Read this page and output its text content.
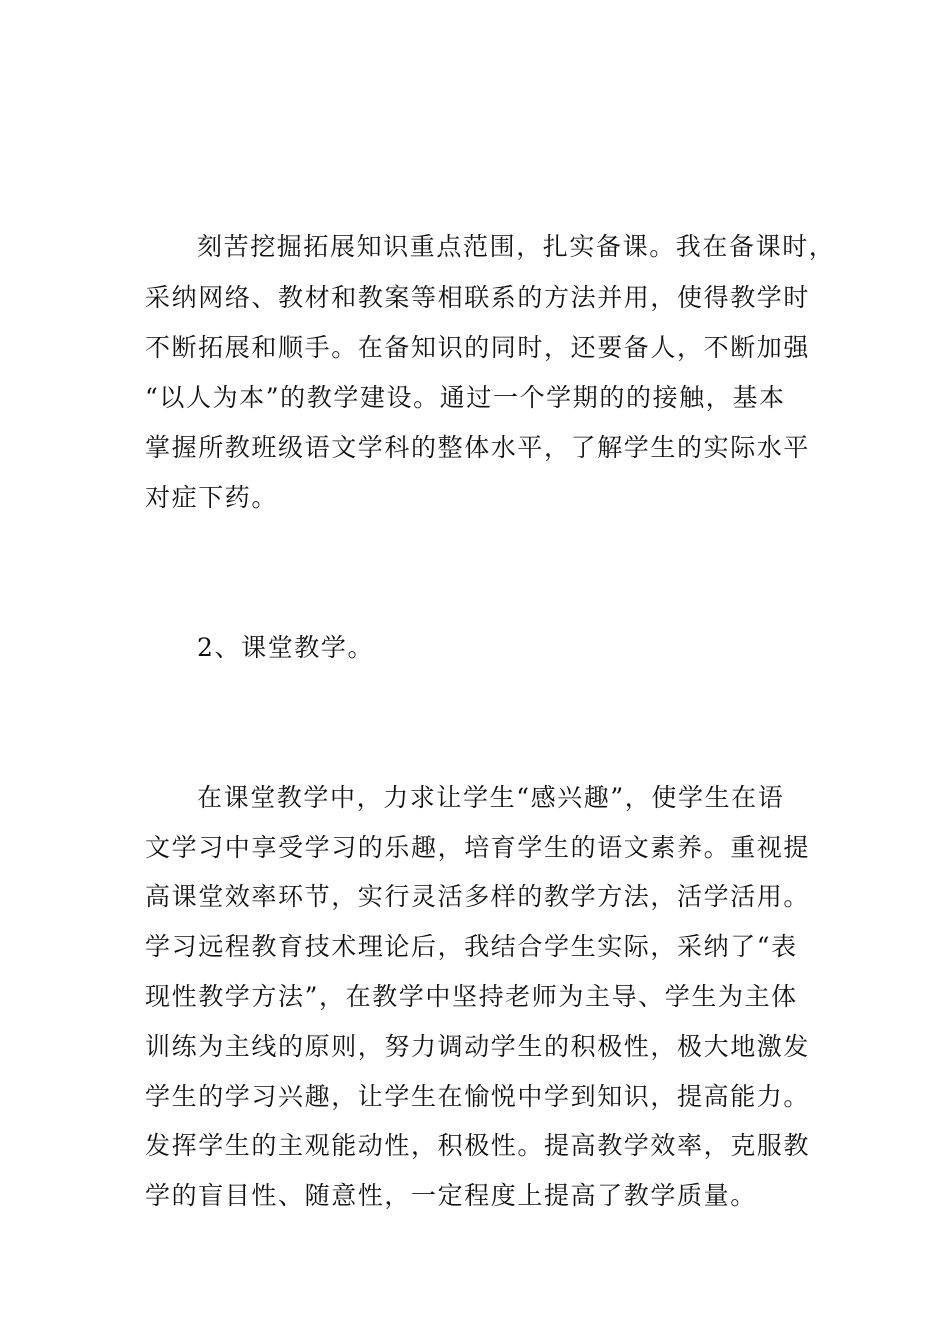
刻苦挖掘拓展知识重点范围，扎实备课。我在备课时，
采纳网络、教材和教案等相联系的方法并用，使得教学时
不断拓展和顺手。在备知识的同时，还要备人，不断加强
“以人为本”的教学建设。通过一个学期的的接触，基本
掌握所教班级语文学科的整体水平，了解学生的实际水平
对症下药。
2、课堂教学。
在课堂教学中，力求让学生“感兴趣”，使学生在语
文学习中享受学习的乐趣，培育学生的语文素养。重视提
高课堂效率环节，实行灵活多样的教学方法，活学活用。
学习远程教育技术理论后，我结合学生实际，采纳了“表
现性教学方法”，在教学中坚持老师为主导、学生为主体
训练为主线的原则，努力调动学生的积极性，极大地激发
学生的学习兴趣，让学生在愉悦中学到知识，提高能力。
发挥学生的主观能动性，积极性。提高教学效率，克服教
学的盲目性、随意性，一定程度上提高了教学质量。
